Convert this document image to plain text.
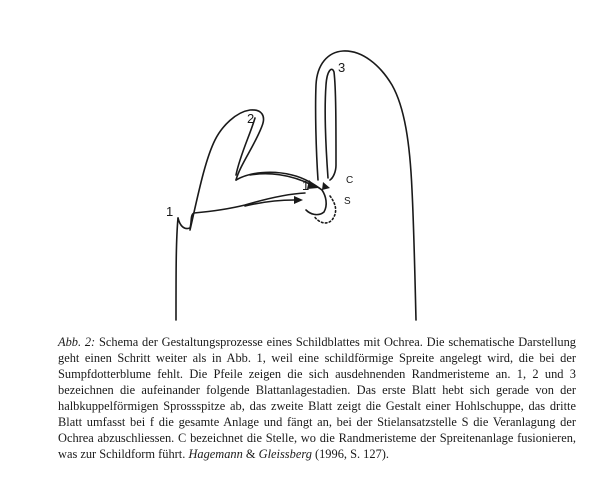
1
2
3
1	C
S

Abb. 2: Schema der Gestaltungsprozesse eines Schildblattes mit Ochrea. Die schematische Darstellung geht einen Schritt weiter als in Abb. 1, weil eine schildförmige Spreite angelegt wird, die bei der Sumpfdotterblume fehlt. Die Pfeile zeigen die sich ausdehnenden Randmeristeme an. 1, 2 und 3 bezeichnen die aufeinander folgende Blattanlagestadien. Das erste Blatt hebt sich gerade von der halbkuppelförmigen Sprossspitze ab, das zweite Blatt zeigt die Gestalt einer Hohlschuppe, das dritte Blatt umfasst bei f die gesamte Anlage und fängt an, bei der Stielansatzstelle S die Veranlagung der Ochrea abzuschliessen. C bezeichnet die Stelle, wo die Randmeristeme der Spreitenanlage fusionieren, was zur Schildform führt. Hagemann & Gleissberg (1996, S. 127).
